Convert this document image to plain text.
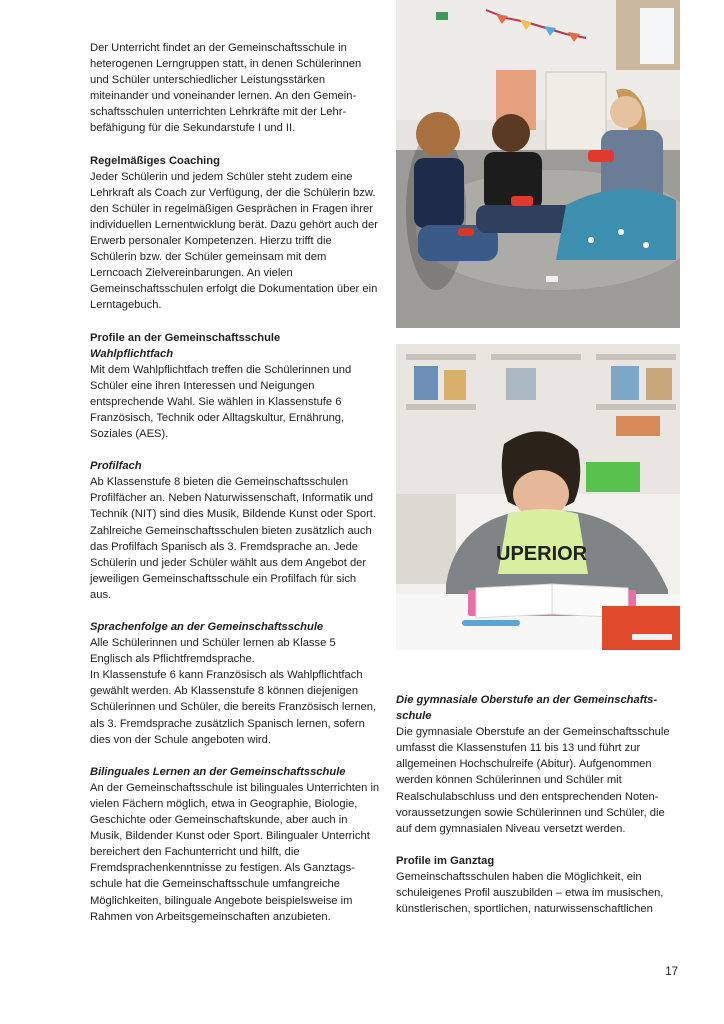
Der Unterricht findet an der Gemeinschaftsschule in heterogenen Lerngruppen statt, in denen Schülerinnen und Schüler unterschiedlicher Leistungsstärken miteinander und voneinander lernen. An den Gemeinschaftsschulen unterrichten Lehrkräfte mit der Lehrbefähigung für die Sekundarstufe I und II.

Regelmäßiges Coaching

Jeder Schülerin und jedem Schüler steht zudem eine Lehrkraft als Coach zur Verfügung, der die Schülerin bzw. den Schüler in regelmäßigen Gesprächen in Fragen ihrer individuellen Lernentwicklung berät. Dazu gehört auch der Erwerb personaler Kompetenzen. Hierzu trifft die Schülerin bzw. der Schüler gemeinsam mit dem Lerncoach Zielvereinbarungen. An vielen Gemeinschaftsschulen erfolgt die Dokumentation über ein Lerntagebuch.

Profile an der Gemeinschaftsschule

Wahlpflichtfach

Mit dem Wahlpflichtfach treffen die Schülerinnen und Schüler eine ihren Interessen und Neigungen entsprechende Wahl. Sie wählen in Klassenstufe 6 Französisch, Technik oder Alltagskultur, Ernährung, Soziales (AES).

Profilfach

Ab Klassenstufe 8 bieten die Gemeinschaftsschulen Profilfächer an. Neben Naturwissenschaft, Informatik und Technik (NIT) sind dies Musik, Bildende Kunst oder Sport. Zahlreiche Gemeinschaftsschulen bieten zusätzlich auch das Profilfach Spanisch als 3. Fremdsprache an. Jede Schülerin und jeder Schüler wählt aus dem Angebot der jeweiligen Gemeinschaftsschule ein Profilfach für sich aus.

Sprachenfolge an der Gemeinschaftsschule

Alle Schülerinnen und Schüler lernen ab Klasse 5 Englisch als Pflichtfremdsprache.

In Klassenstufe 6 kann Französisch als Wahlpflichtfach gewählt werden. Ab Klassenstufe 8 können diejenigen Schülerinnen und Schüler, die bereits Französisch lernen, als 3. Fremdsprache zusätzlich Spanisch lernen, sofern dies von der Schule angeboten wird.

Bilinguales Lernen an der Gemeinschaftsschule

An der Gemeinschaftsschule ist bilinguales Unterrichten in vielen Fächern möglich, etwa in Geographie, Biologie, Geschichte oder Gemeinschaftskunde, aber auch in Musik, Bildender Kunst oder Sport. Bilingualer Unterricht bereichert den Fachunterricht und hilft, die Fremdsprachenkenntnisse zu festigen. Als Ganztagsschule hat die Gemeinschaftsschule umfangreiche Möglichkeiten, bilinguale Angebote beispielsweise im Rahmen von Arbeitsgemeinschaften anzubieten.

UPERIOR

Die gymnasiale Oberstufe an der Gemeinschaftsschule

Die gymnasiale Oberstufe an der Gemeinschaftsschule umfasst die Klassenstufen 11 bis 13 und führt zur allgemeinen Hochschulreife (Abitur). Aufgenommen werden können Schülerinnen und Schüler mit Realschulabschluss und den entsprechenden Notenvoraussetzungen sowie Schülerinnen und Schüler, die auf dem gymnasialen Niveau versetzt werden.

Profile im Ganztag

Gemeinschaftsschulen haben die Möglichkeit, ein schuleigenes Profil auszubilden – etwa im musischen, künstlerischen, sportlichen, naturwissenschaftlichen

17
